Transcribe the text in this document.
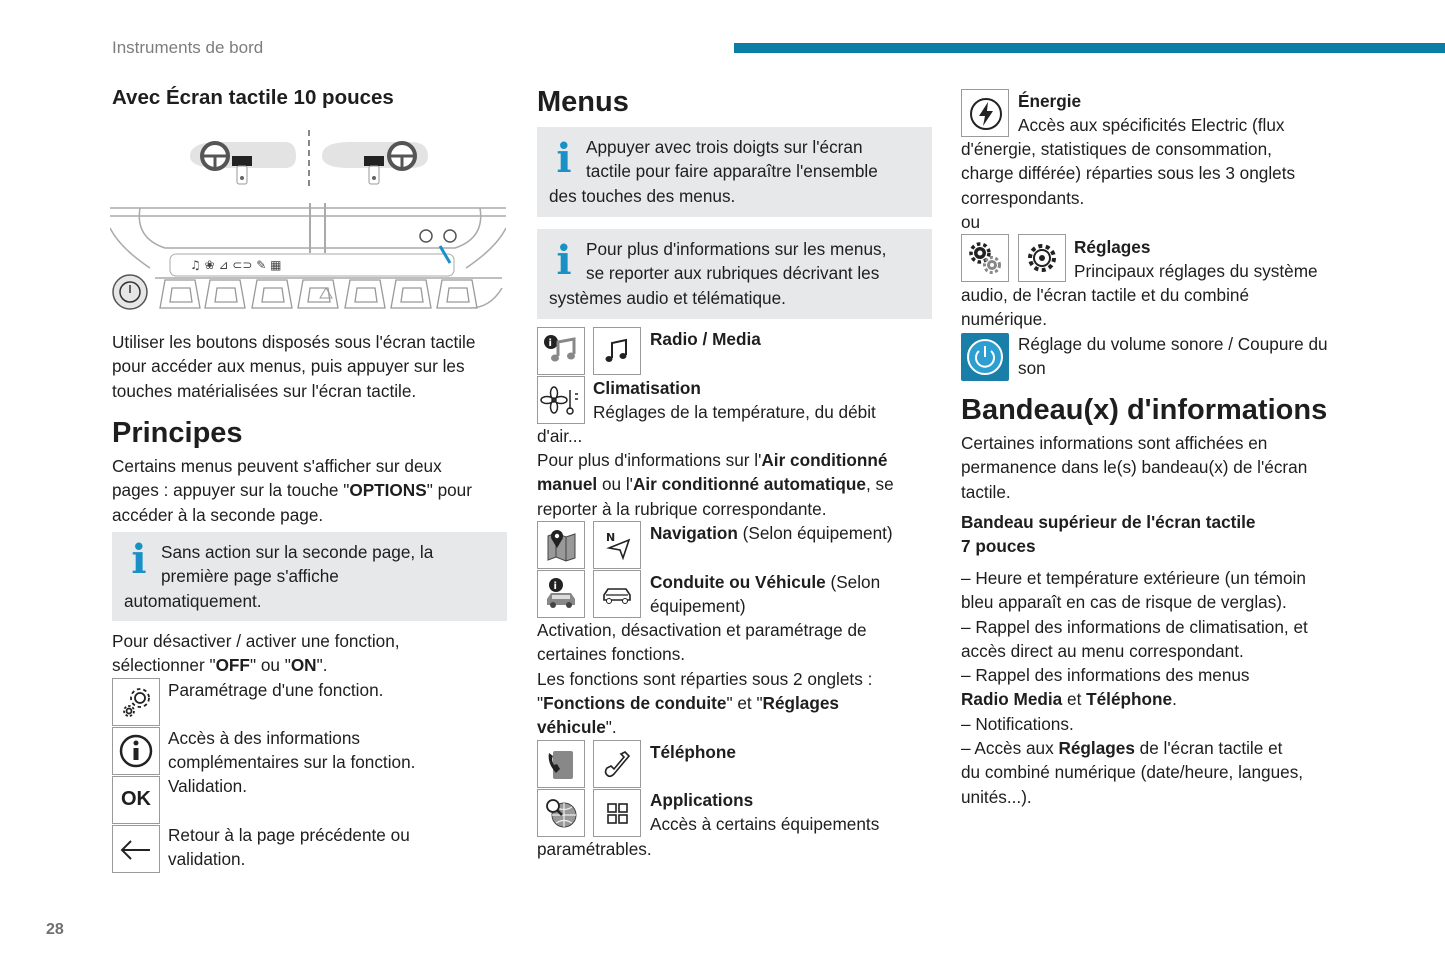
Instruments de bord
28
Avec Écran tactile 10 pouces
♫ ❀ ⊿ ⊂⊃ ✎ ▦
Utiliser les boutons disposés sous l'écran tactile
pour accéder aux menus, puis appuyer sur les
touches matérialisées sur l'écran tactile.
Principes
Certains menus peuvent s'afficher sur deux
pages : appuyer sur la touche "OPTIONS" pour
accéder à la seconde page.
i Sans action sur la seconde page, la
première page s'affiche
automatiquement.
Pour désactiver / activer une fonction,
sélectionner "OFF" ou "ON".
Paramétrage d'une fonction.
Accès à des informations
complémentaires sur la fonction.
OK
Validation.
Retour à la page précédente ou
validation.
Menus
i Appuyer avec trois doigts sur l'écran
tactile pour faire apparaître l'ensemble
des touches des menus.
i Pour plus d'informations sur les menus,
se reporter aux rubriques décrivant les
systèmes audio et télématique.
i	Radio / Media
Climatisation
Réglages de la température, du débit
d'air...
Pour plus d'informations sur l'Air conditionné
manuel ou l'Air conditionné automatique, se
reporter à la rubrique correspondante.
N Navigation (Selon équipement)
i	Conduite ou Véhicule (Selon
équipement)
Activation, désactivation et paramétrage de
certaines fonctions.
Les fonctions sont réparties sous 2 onglets :
"Fonctions de conduite" et "Réglages
véhicule".
Téléphone
Applications
Accès à certains équipements
paramétrables.
Énergie
Accès aux spécificités Electric (flux
d'énergie, statistiques de consommation,
charge différée) réparties sous les 3 onglets
correspondants.
ou
Réglages
Principaux réglages du système
audio, de l'écran tactile et du combiné
numérique.
Réglage du volume sonore / Coupure du
son
Bandeau(x) d'informations
Certaines informations sont affichées en
permanence dans le(s) bandeau(x) de l'écran
tactile.
Bandeau supérieur de l'écran tactile
7 pouces
– Heure et température extérieure (un témoin
bleu apparaît en cas de risque de verglas).
– Rappel des informations de climatisation, et
accès direct au menu correspondant.
– Rappel des informations des menus
Radio Media et Téléphone.
– Notifications.
– Accès aux Réglages de l'écran tactile et
du combiné numérique (date/heure, langues,
unités...).
